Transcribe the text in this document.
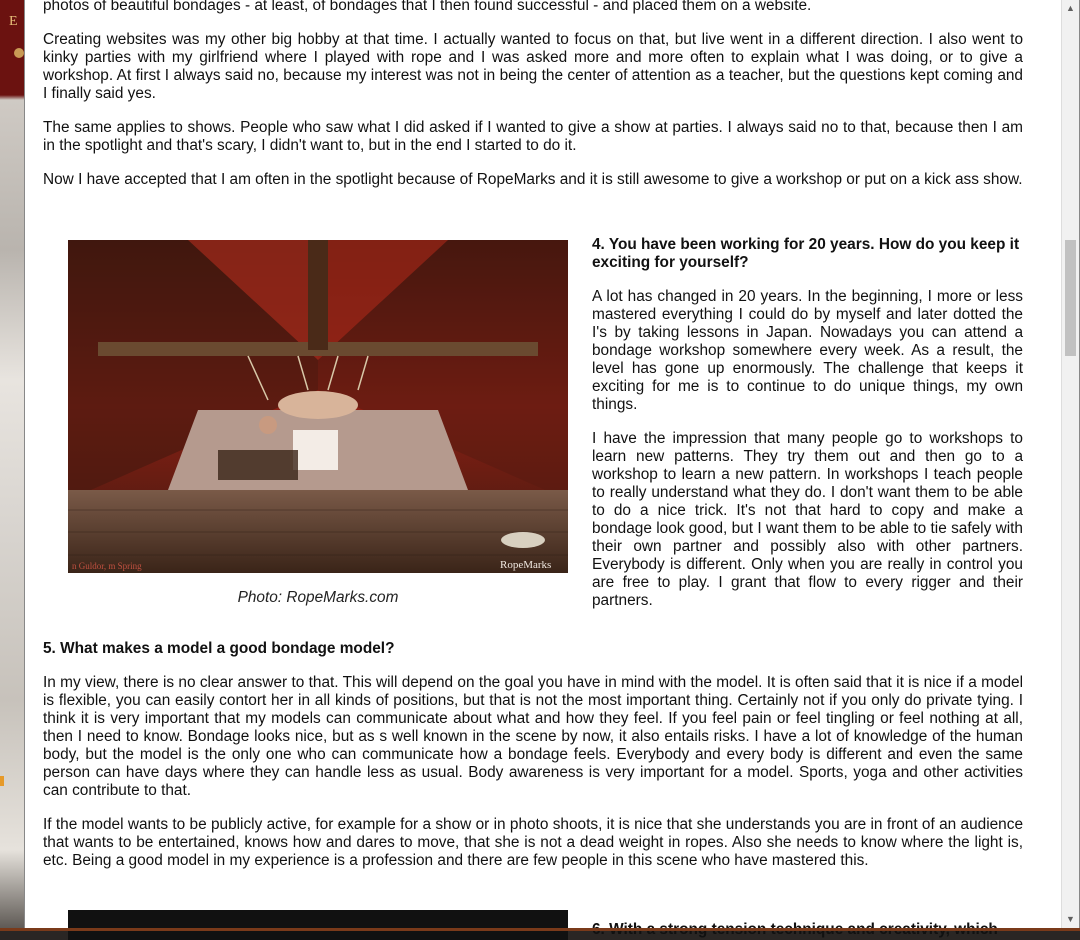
E

photos of beautiful bondages - at least, of bondages that I then found successful - and placed them on a website.

Creating websites was my other big hobby at that time. I actually wanted to focus on that, but live went in a different direction. I also went to kinky parties with my girlfriend where I played with rope and I was asked more and more often to explain what I was doing, or to give a workshop. At first I always said no, because my interest was not in being the center of attention as a teacher, but the questions kept coming and I finally said yes.

The same applies to shows. People who saw what I did asked if I wanted to give a show at parties. I always said no to that, because then I am in the spotlight and that's scary, I didn't want to, but in the end I started to do it.

Now I have accepted that I am often in the spotlight because of RopeMarks and it is still awesome to give a workshop or put on a kick ass show.

n Guldor, m Spring	RopeMarks
Photo: RopeMarks.com
4. You have been working for 20 years. How do you keep it exciting for yourself?

A lot has changed in 20 years. In the beginning, I more or less mastered everything I could do by myself and later dotted the I's by taking lessons in Japan. Nowadays you can attend a bondage workshop somewhere every week. As a result, the level has gone up enormously. The challenge that keeps it exciting for me is to continue to do unique things, my own things.

I have the impression that many people go to workshops to learn new patterns. They try them out and then go to a workshop to learn a new pattern. In workshops I teach people to really understand what they do. I don't want them to be able to do a nice trick. It's not that hard to copy and make a bondage look good, but I want them to be able to tie safely with their own partner and possibly also with other partners. Everybody is different. Only when you are really in control you are free to play. I grant that flow to every rigger and their partners.

5. What makes a model a good bondage model?

In my view, there is no clear answer to that. This will depend on the goal you have in mind with the model. It is often said that it is nice if a model is flexible, you can easily contort her in all kinds of positions, but that is not the most important thing. Certainly not if you only do private tying. I think it is very important that my models can communicate about what and how they feel. If you feel pain or feel tingling or feel nothing at all, then I need to know. Bondage looks nice, but as s well known in the scene by now, it also entails risks. I have a lot of knowledge of the human body, but the model is the only one who can communicate how a bondage feels. Everybody and every body is different and even the same person can have days where they can handle less as usual. Body awareness is very important for a model. Sports, yoga and other activities can contribute to that.

If the model wants to be publicly active, for example for a show or in photo shoots, it is nice that she understands you are in front of an audience that wants to be entertained, knows how and dares to move, that she is not a dead weight in ropes. Also she needs to know where the light is, etc. Being a good model in my experience is a profession and there are few people in this scene who have mastered this.

▲
▼
